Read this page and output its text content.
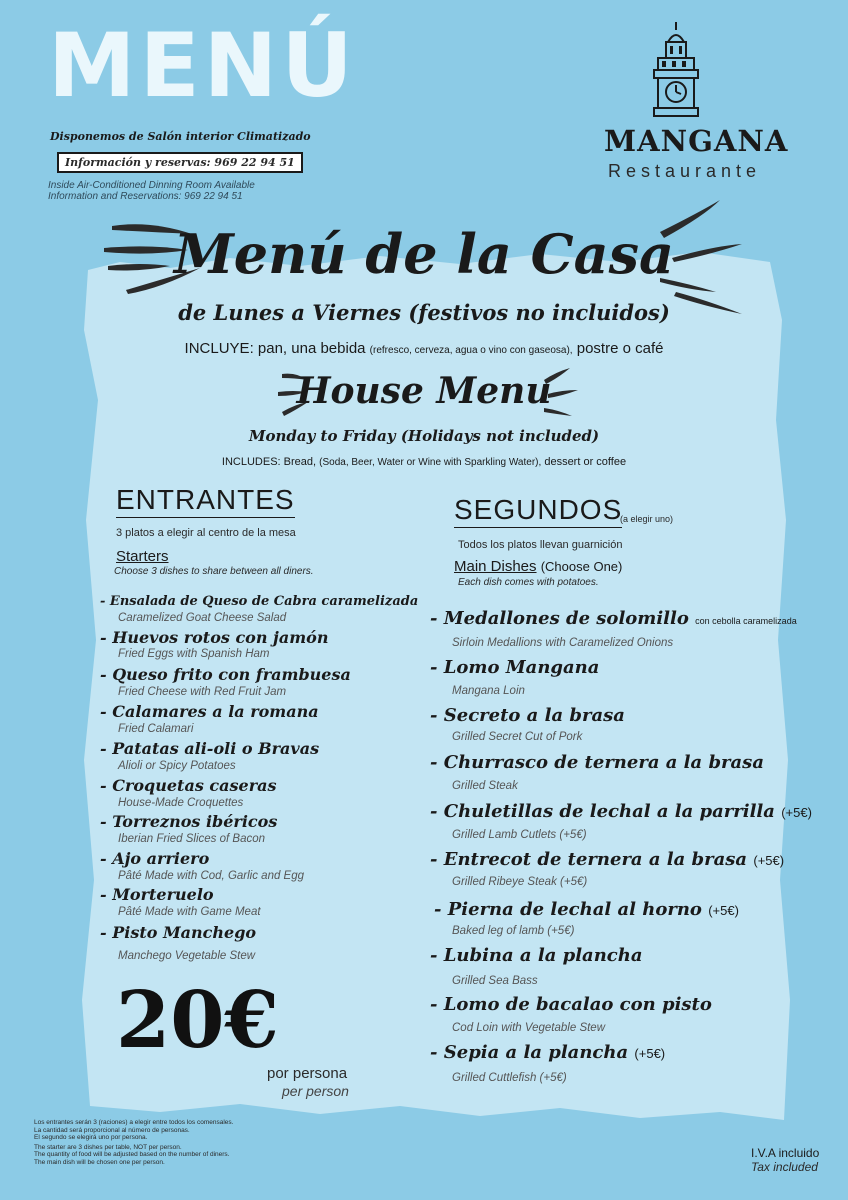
MENÚ
Disponemos de Salón interior Climatizado
Información y reservas: 969 22 94 51
Inside Air-Conditioned Dinning Room Available
Information and Reservations: 969 22 94 51
MANGANA
Restaurante
Menú de la Casa
de Lunes a Viernes (festivos no incluidos)
INCLUYE: pan, una bebida (refresco, cerveza, agua o vino con gaseosa), postre o café
House Menu
Monday to Friday (Holidays not included)
INCLUDES: Bread, (Soda, Beer, Water or Wine with Sparkling Water), dessert or coffee
ENTRANTES
3 platos a elegir al centro de la mesa
Starters
Choose 3 dishes to share between all diners.
- Ensalada de Queso de Cabra caramelizada
Caramelized Goat Cheese Salad
- Huevos rotos con jamón
Fried Eggs with Spanish Ham
- Queso frito con frambuesa
Fried Cheese with Red Fruit Jam
- Calamares a la romana
Fried Calamari
- Patatas ali-oli o Bravas
Alioli or Spicy Potatoes
- Croquetas caseras
House-Made Croquettes
- Torreznos ibéricos
Iberian Fried Slices of Bacon
- Ajo arriero
Pâté Made with Cod, Garlic and Egg
- Morteruelo
Pâté Made with Game Meat
- Pisto Manchego
Manchego Vegetable Stew
SEGUNDOS
(a elegir uno)
Todos los platos llevan guarnición
Main Dishes (Choose One)
Each dish comes with potatoes.
- Medallones de solomillo con cebolla caramelizada
Sirloin Medallions with Caramelized Onions
- Lomo Mangana
Mangana Loin
- Secreto a la brasa
Grilled Secret Cut of Pork
- Churrasco de ternera a la brasa
Grilled Steak
- Chuletillas de lechal a la parrilla (+5€)
Grilled Lamb Cutlets (+5€)
- Entrecot de ternera a la brasa (+5€)
Grilled Ribeye Steak (+5€)
- Pierna de lechal al horno (+5€)
Baked leg of lamb (+5€)
- Lubina a la plancha
Grilled Sea Bass
- Lomo de bacalao con pisto
Cod Loin with Vegetable Stew
- Sepia a la plancha (+5€)
Grilled Cuttlefish (+5€)
20€
por persona
per person
Los entrantes serán 3 (raciones) a elegir entre todos los comensales.
La cantidad será proporcional al número de personas.
El segundo se elegirá uno por persona.
The starter are 3 dishes per table, NOT per person.
The quantity of food will be adjusted based on the number of diners.
The main dish will be chosen one per person.
I.V.A incluido
Tax included
